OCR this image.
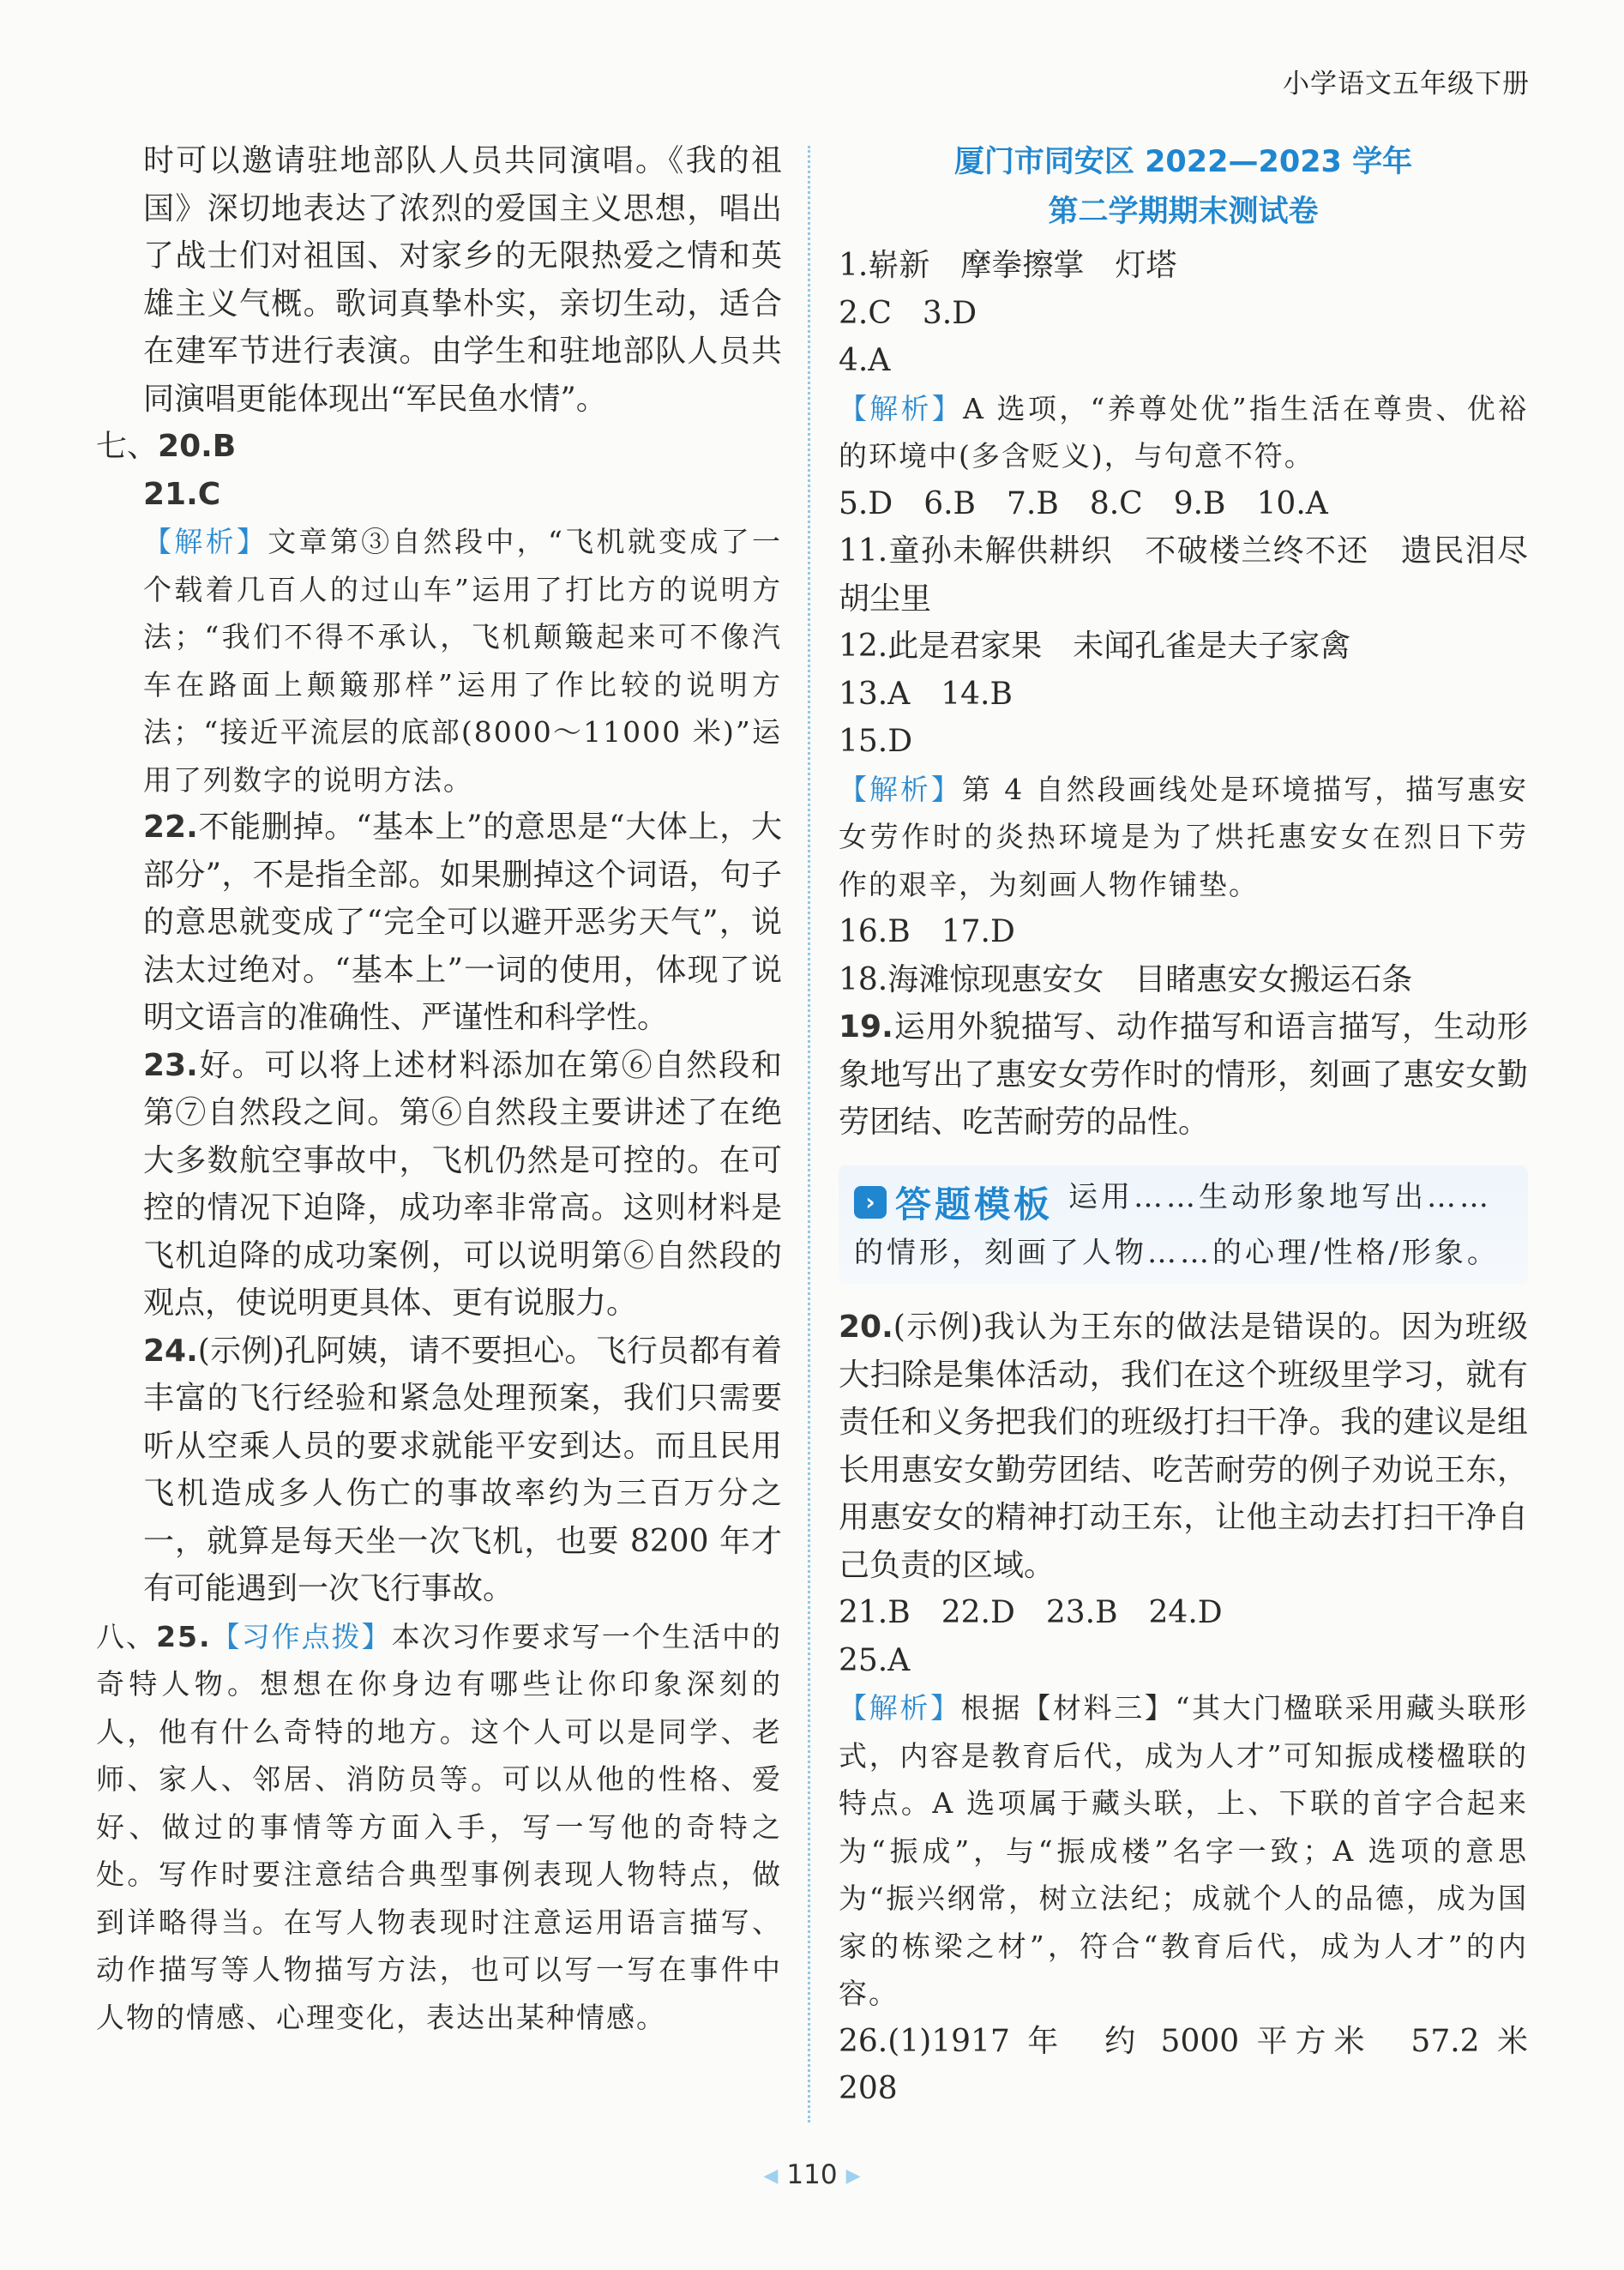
小学语文五年级下册

时可以邀请驻地部队人员共同演唱。《我的祖国》深切地表达了浓烈的爱国主义思想，唱出了战士们对祖国、对家乡的无限热爱之情和英雄主义气概。歌词真挚朴实，亲切生动，适合在建军节进行表演。由学生和驻地部队人员共同演唱更能体现出“军民鱼水情”。

七、20.B

21.C

【解析】文章第③自然段中，“飞机就变成了一个载着几百人的过山车”运用了打比方的说明方法；“我们不得不承认，飞机颠簸起来可不像汽车在路面上颠簸那样”运用了作比较的说明方法；“接近平流层的底部(8000～11000 米)”运用了列数字的说明方法。

22.不能删掉。“基本上”的意思是“大体上，大部分”，不是指全部。如果删掉这个词语，句子的意思就变成了“完全可以避开恶劣天气”，说法太过绝对。“基本上”一词的使用，体现了说明文语言的准确性、严谨性和科学性。

23.好。可以将上述材料添加在第⑥自然段和第⑦自然段之间。第⑥自然段主要讲述了在绝大多数航空事故中，飞机仍然是可控的。在可控的情况下迫降，成功率非常高。这则材料是飞机迫降的成功案例，可以说明第⑥自然段的观点，使说明更具体、更有说服力。

24.(示例)孔阿姨，请不要担心。飞行员都有着丰富的飞行经验和紧急处理预案，我们只需要听从空乘人员的要求就能平安到达。而且民用飞机造成多人伤亡的事故率约为三百万分之一，就算是每天坐一次飞机，也要 8200 年才有可能遇到一次飞行事故。

八、25.【习作点拨】本次习作要求写一个生活中的奇特人物。想想在你身边有哪些让你印象深刻的人，他有什么奇特的地方。这个人可以是同学、老师、家人、邻居、消防员等。可以从他的性格、爱好、做过的事情等方面入手，写一写他的奇特之处。写作时要注意结合典型事例表现人物特点，做到详略得当。在写人物表现时注意运用语言描写、动作描写等人物描写方法，也可以写一写在事件中人物的情感、心理变化，表达出某种情感。

厦门市同安区 2022—2023 学年
第二学期期末测试卷

1.崭新　摩拳擦掌　灯塔

2.C　3.D

4.A

【解析】A 选项，“养尊处优”指生活在尊贵、优裕的环境中(多含贬义)，与句意不符。

5.D　6.B　7.B　8.C　9.B　10.A

11.童孙未解供耕织　不破楼兰终不还　遗民泪尽胡尘里

12.此是君家果　未闻孔雀是夫子家禽

13.A　14.B

15.D

【解析】第 4 自然段画线处是环境描写，描写惠安女劳作时的炎热环境是为了烘托惠安女在烈日下劳作的艰辛，为刻画人物作铺垫。

16.B　17.D

18.海滩惊现惠安女　目睹惠安女搬运石条

19.运用外貌描写、动作描写和语言描写，生动形象地写出了惠安女劳作时的情形，刻画了惠安女勤劳团结、吃苦耐劳的品性。

› 答题模板 运用……生动形象地写出……的情形，刻画了人物……的心理/性格/形象。

20.(示例)我认为王东的做法是错误的。因为班级大扫除是集体活动，我们在这个班级里学习，就有责任和义务把我们的班级打扫干净。我的建议是组长用惠安女勤劳团结、吃苦耐劳的例子劝说王东，用惠安女的精神打动王东，让他主动去打扫干净自己负责的区域。

21.B　22.D　23.B　24.D

25.A

【解析】根据【材料三】“其大门楹联采用藏头联形式，内容是教育后代，成为人才”可知振成楼楹联的特点。A 选项属于藏头联，上、下联的首字合起来为“振成”，与“振成楼”名字一致；A 选项的意思为“振兴纲常，树立法纪；成就个人的品德，成为国家的栋梁之材”，符合“教育后代，成为人才”的内容。

26.(1)1917 年　约 5000 平方米　57.2 米　208

◀ 110 ▶
